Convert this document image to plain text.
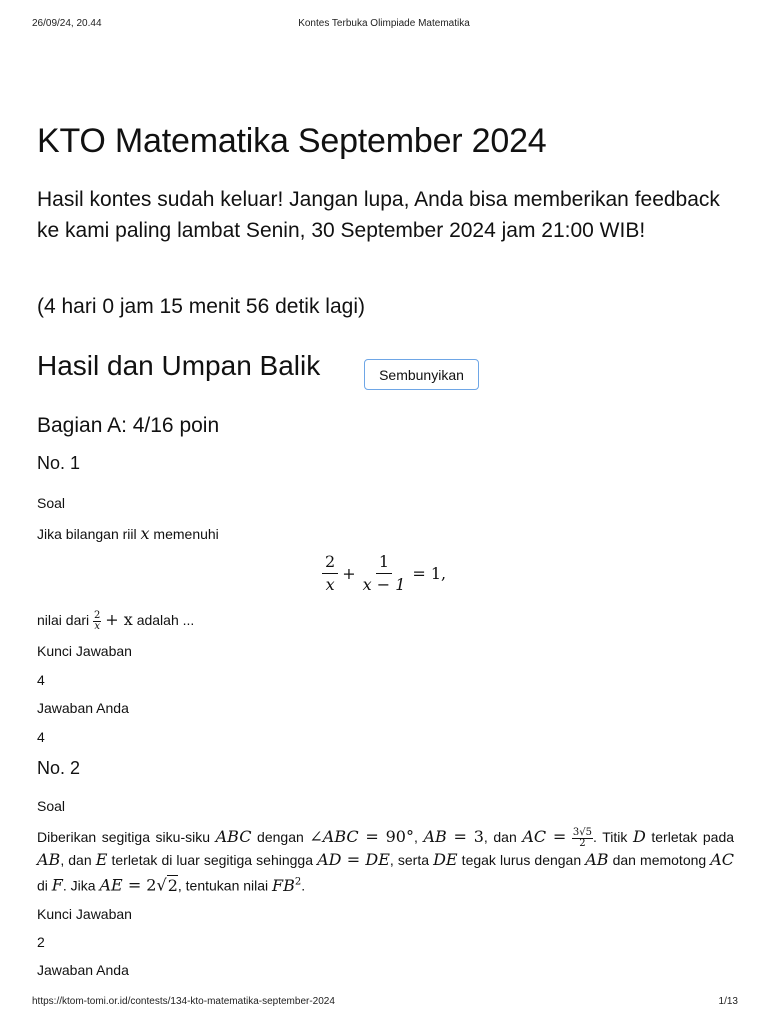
26/09/24, 20.44	Kontes Terbuka Olimpiade Matematika
KTO Matematika September 2024

Hasil kontes sudah keluar! Jangan lupa, Anda bisa memberikan feedback ke kami paling lambat Senin, 30 September 2024 jam 21:00 WIB!

(4 hari 0 jam 15 menit 56 detik lagi)

Hasil dan Umpan Balik	Sembunyikan
Bagian A: 4/16 poin
No. 1
Soal
Jika bilangan riil x memenuhi
$\frac{2}{x} + \frac{1}{x - 1} = 1$,
nilai dari $\frac{2}{x} + x$ adalah ...
Kunci Jawaban
4
Jawaban Anda
4
No. 2
Soal

Diberikan segitiga siku-siku ABC dengan ∠ABC = 90°, AB = 3, dan AC = $\frac{3√5}{2}$ . Titik D terletak pada AB, dan E terletak di luar segitiga sehingga AD = DE, serta DE tegak lurus dengan AB dan memotong AC di F. Jika AE = 2√2, tentukan nilai $FB^2$.

Kunci Jawaban
2
Jawaban Anda
https://ktom-tomi.or.id/contests/134-kto-matematika-september-2024	1/13
